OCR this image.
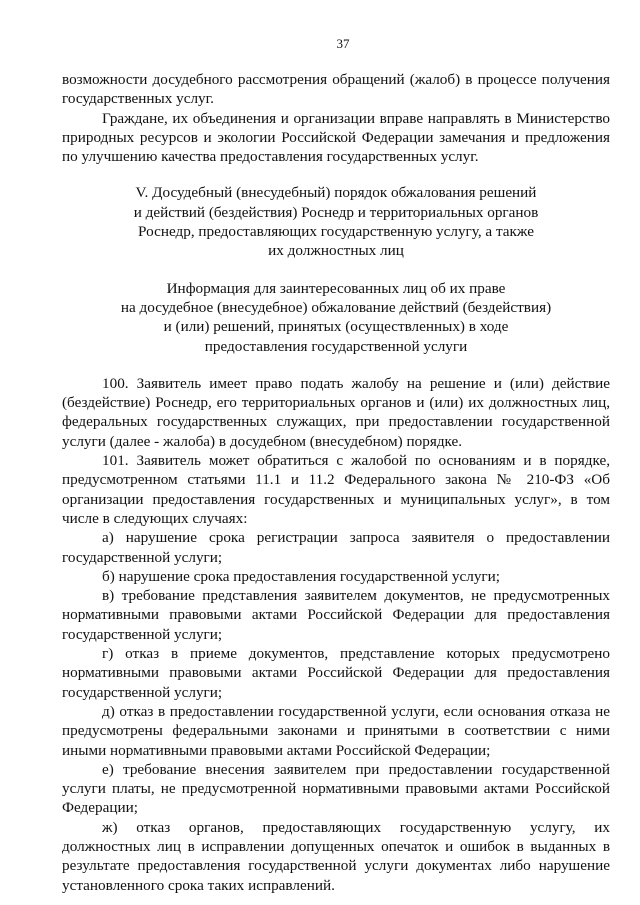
37

возможности досудебного рассмотрения обращений (жалоб) в процессе получения государственных услуг.

Граждане, их объединения и организации вправе направлять в Министерство природных ресурсов и экологии Российской Федерации замечания и предложения по улучшению качества предоставления государственных услуг.

V. Досудебный (внесудебный) порядок обжалования решений
и действий (бездействия) Роснедр и территориальных органов
Роснедр, предоставляющих государственную услугу, а также
их должностных лиц
Информация для заинтересованных лиц об их праве
на досудебное (внесудебное) обжалование действий (бездействия)
и (или) решений, принятых (осуществленных) в ходе
предоставления государственной услуги

100. Заявитель имеет право подать жалобу на решение и (или) действие (бездействие) Роснедр, его территориальных органов и (или) их должностных лиц, федеральных государственных служащих, при предоставлении государственной услуги (далее - жалоба) в досудебном (внесудебном) порядке.

101. Заявитель может обратиться с жалобой по основаниям и в порядке, предусмотренном статьями 11.1 и 11.2 Федерального закона № 210-ФЗ «Об организации предоставления государственных и муниципальных услуг», в том числе в следующих случаях:

а) нарушение срока регистрации запроса заявителя о предоставлении государственной услуги;

б) нарушение срока предоставления государственной услуги;

в) требование представления заявителем документов, не предусмотренных нормативными правовыми актами Российской Федерации для предоставления государственной услуги;

г) отказ в приеме документов, представление которых предусмотрено нормативными правовыми актами Российской Федерации для предоставления государственной услуги;

д) отказ в предоставлении государственной услуги, если основания отказа не предусмотрены федеральными законами и принятыми в соответствии с ними иными нормативными правовыми актами Российской Федерации;

е) требование внесения заявителем при предоставлении государственной услуги платы, не предусмотренной нормативными правовыми актами Российской Федерации;

ж) отказ органов, предоставляющих государственную услугу, их должностных лиц в исправлении допущенных опечаток и ошибок в выданных в результате предоставления государственной услуги документах либо нарушение установленного срока таких исправлений.
